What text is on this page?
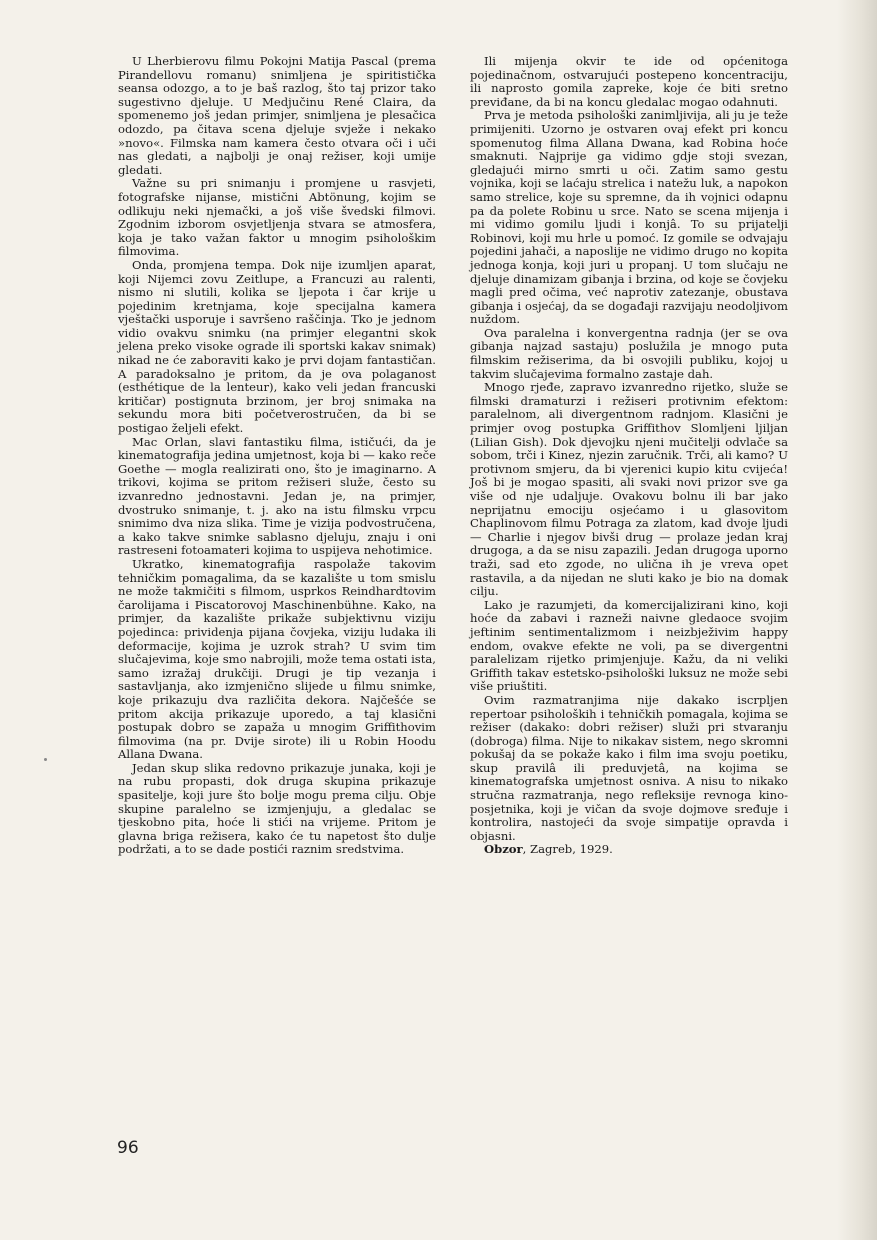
U Lherbierovu filmu Pokojni Matija Pascal (prema Pirandellovu romanu) snimljena je spiritistička seansa odozgo, a to je baš razlog, što taj prizor tako sugestivno djeluje. U Medjučinu René Claira, da spomenemo još jedan primjer, snimljena je plesačica odozdo, pa čitava scena djeluje svježe i nekako »novo«. Filmska nam kamera često otvara oči i uči nas gledati, a najbolji je onaj režiser, koji umije gledati.

Važne su pri snimanju i promjene u rasvjeti, fotografske nijanse, mistični Abtönung, kojim se odlikuju neki njemački, a još više švedski filmovi. Zgodnim izborom osvjetljenja stvara se atmosfera, koja je tako važan faktor u mnogim psihološkim filmovima.

Onda, promjena tempa. Dok nije izumljen aparat, koji Nijemci zovu Zeitlupe, a Francuzi au ralenti, nismo ni slutili, kolika se ljepota i čar krije u pojedinim kretnjama, koje specijalna kamera vještački usporuje i savršeno raščinja. Tko je jednom vidio ovakvu snimku (na primjer elegantni skok jelena preko visoke ograde ili sportski kakav snimak) nikad ne će zaboraviti kako je prvi dojam fantastičan. A paradoksalno je pritom, da je ova polaganost (esthétique de la lenteur), kako veli jedan francuski kritičar) postignuta brzinom, jer broj snimaka na sekundu mora biti početverostručen, da bi se postigao željeli efekt.

Mac Orlan, slavi fantastiku filma, ističući, da je kinematografija jedina umjetnost, koja bi — kako reče Goethe — mogla realizirati ono, što je imaginarno. A trikovi, kojima se pritom režiseri služe, često su izvanredno jednostavni. Jedan je, na primjer, dvostruko snimanje, t. j. ako na istu filmsku vrpcu snimimo dva niza slika. Time je vizija podvostručena, a kako takve snimke sablasno djeluju, znaju i oni rastreseni fotoamateri kojima to uspijeva nehotimice.

Ukratko, kinematografija raspolaže takovim tehničkim pomagalima, da se kazalište u tom smislu ne može takmičiti s filmom, usprkos Reindhardtovim čarolijama i Piscatorovoj Maschinenbühne. Kako, na primjer, da kazalište prikaže subjektivnu viziju pojedinca: prividenja pijana čovjeka, viziju ludaka ili deformacije, kojima je uzrok strah? U svim tim slučajevima, koje smo nabrojili, može tema ostati ista, samo izražaj drukčiji. Drugi je tip vezanja i sastavljanja, ako izmjenično slijede u filmu snimke, koje prikazuju dva različita dekora. Najčešće se pritom akcija prikazuje uporedo, a taj klasični postupak dobro se zapaža u mnogim Griffithovim filmovima (na pr. Dvije sirote) ili u Robin Hoodu Allana Dwana.

Jedan skup slika redovno prikazuje junaka, koji je na rubu propasti, dok druga skupina prikazuje spasitelje, koji jure što bolje mogu prema cilju. Obje skupine paralelno se izmjenjuju, a gledalac se tjeskobno pita, hoće li stići na vrijeme. Pritom je glavna briga režisera, kako će tu napetost što dulje podržati, a to se dade postići raznim sredstvima.

Ili mijenja okvir te ide od općenitoga pojedinačnom, ostvarujući postepeno koncentraciju, ili naprosto gomila zapreke, koje će biti sretno previđane, da bi na koncu gledalac mogao odahnuti.

Prva je metoda psihološki zanimljivija, ali ju je teže primijeniti. Uzorno je ostvaren ovaj efekt pri koncu spomenutog filma Allana Dwana, kad Robina hoće smaknuti. Najprije ga vidimo gdje stoji svezan, gledajući mirno smrti u oči. Zatim samo gestu vojnika, koji se laćaju strelica i natežu luk, a napokon samo strelice, koje su spremne, da ih vojnici odapnu pa da polete Robinu u srce. Nato se scena mijenja i mi vidimo gomilu ljudi i konjâ. To su prijatelji Robinovi, koji mu hrle u pomoć. Iz gomile se odvajaju pojedini jahači, a naposlije ne vidimo drugo no kopita jednoga konja, koji juri u propanj. U tom slučaju ne djeluje dinamizam gibanja i brzina, od koje se čovjeku magli pred očima, već naprotiv zatezanje, obustava gibanja i osjećaj, da se događaji razvijaju neodoljivom nuždom.

Ova paralelna i konvergentna radnja (jer se ova gibanja najzad sastaju) poslužila je mnogo puta filmskim režiserima, da bi osvojili publiku, kojoj u takvim slučajevima formalno zastaje dah.

Mnogo rjeđe, zapravo izvanredno rijetko, služe se filmski dramaturzi i režiseri protivnim efektom: paralelnom, ali divergentnom radnjom. Klasični je primjer ovog postupka Griffithov Slomljeni ljiljan (Lilian Gish). Dok djevojku njeni mučitelji odvlače sa sobom, trči i Kinez, njezin zaručnik. Trči, ali kamo? U protivnom smjeru, da bi vjerenici kupio kitu cvijeća! Još bi je mogao spasiti, ali svaki novi prizor sve ga više od nje udaljuje. Ovakovu bolnu ili bar jako neprijatnu emociju osjećamo i u glasovitom Chaplinovom filmu Potraga za zlatom, kad dvoje ljudi — Charlie i njegov bivši drug — prolaze jedan kraj drugoga, a da se nisu zapazili. Jedan drugoga uporno traži, sad eto zgode, no ulična ih je vreva opet rastavila, a da nijedan ne sluti kako je bio na domak cilju.

Lako je razumjeti, da komercijalizirani kino, koji hoće da zabavi i razneži naivne gledaoce svojim jeftinim sentimentalizmom i neizbježivim happy endom, ovakve efekte ne voli, pa se divergentni paralelizam rijetko primjenjuje. Kažu, da ni veliki Griffith takav estetsko-psihološki luksuz ne može sebi više priuštiti.

Ovim razmatranjima nije dakako iscrpljen repertoar psiholoških i tehničkih pomagala, kojima se režiser (dakako: dobri režiser) služi pri stvaranju (dobroga) filma. Nije to nikakav sistem, nego skromni pokušaj da se pokaže kako i film ima svoju poetiku, skup pravilâ ili preduvjetâ, na kojima se kinematografska umjetnost osniva. A nisu to nikako stručna razmatranja, nego refleksije revnoga kino-posjetnika, koji je vičan da svoje dojmove sređuje i kontrolira, nastojeći da svoje simpatije opravda i objasni.

Obzor, Zagreb, 1929.

96
